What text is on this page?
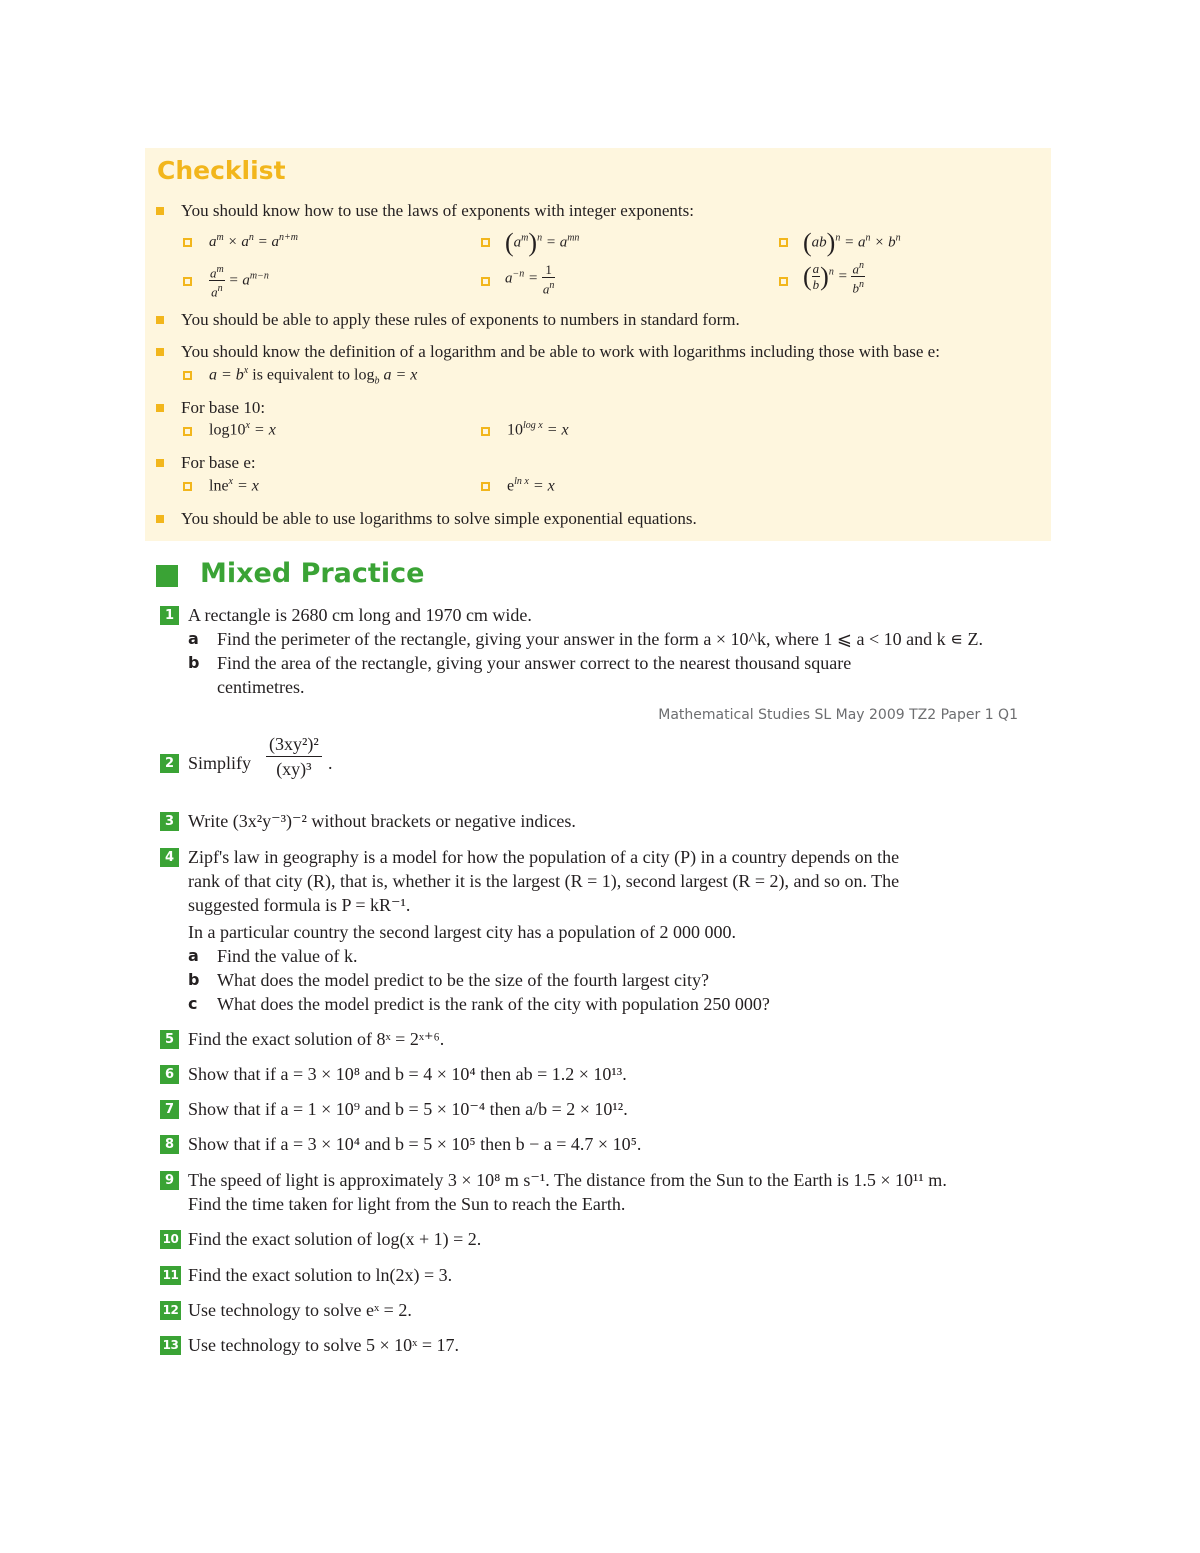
Checklist
You should know how to use the laws of exponents with integer exponents:
$a^m \times a^n = a^{n+m}$	$(a^m)^n = a^{mn}$	$(ab)^n = a^n \times b^n$
$\frac{a^m}{a^n} = a^{m-n}$	$a^{-n} = \frac{1}{a^n}$	( $\frac{a}{b} )^n = \frac{a^n}{b^n}$
You should be able to apply these rules of exponents to numbers in standard form.
You should know the definition of a logarithm and be able to work with logarithms including those with base e:
$a = b^x$ is equivalent to $\log_b a = x$
For base 10:
$\log 10^x = x$	$10^{log x} = x$
For base e:
lne$^x$ = x	$e^{ln x} = x$
You should be able to use logarithms to solve simple exponential equations.
Mixed Practice
1 A rectangle is 2680 cm long and 1970 cm wide.
a Find the perimeter of the rectangle, giving your answer in the form a × 10^k, where 1 ⩽ a < 10 and k ∊ Z.
b Find the area of the rectangle, giving your answer correct to the nearest thousand square
centimetres.
Mathematical Studies SL May 2009 TZ2 Paper 1 Q1
2 Simplify $\frac{\text{(3xy²)²}}{\text{(xy)³}}$ .
3 Write (3x²y⁻³)⁻² without brackets or negative indices.
4 Zipf's law in geography is a model for how the population of a city (P) in a country depends on the
rank of that city (R), that is, whether it is the largest (R = 1), second largest (R = 2), and so on. The
suggested formula is P = kR⁻¹.
In a particular country the second largest city has a population of 2 000 000.
a Find the value of k.
b What does the model predict to be the size of the fourth largest city?
c What does the model predict is the rank of the city with population 250 000?
5 Find the exact solution of 8ˣ = 2ˣ⁺⁶.
6 Show that if a = 3 × 10⁸ and b = 4 × 10⁴ then ab = 1.2 × 10¹³.
7 Show that if a = 1 × 10⁹ and b = 5 × 10⁻⁴ then a/b = 2 × 10¹².
8 Show that if a = 3 × 10⁴ and b = 5 × 10⁵ then b − a = 4.7 × 10⁵.
9 The speed of light is approximately 3 × 10⁸ m s⁻¹. The distance from the Sun to the Earth is 1.5 × 10¹¹ m.
Find the time taken for light from the Sun to reach the Earth.
10 Find the exact solution of log(x + 1) = 2.
11 Find the exact solution to ln(2x) = 3.
12 Use technology to solve eˣ = 2.
13 Use technology to solve 5 × 10ˣ = 17.
